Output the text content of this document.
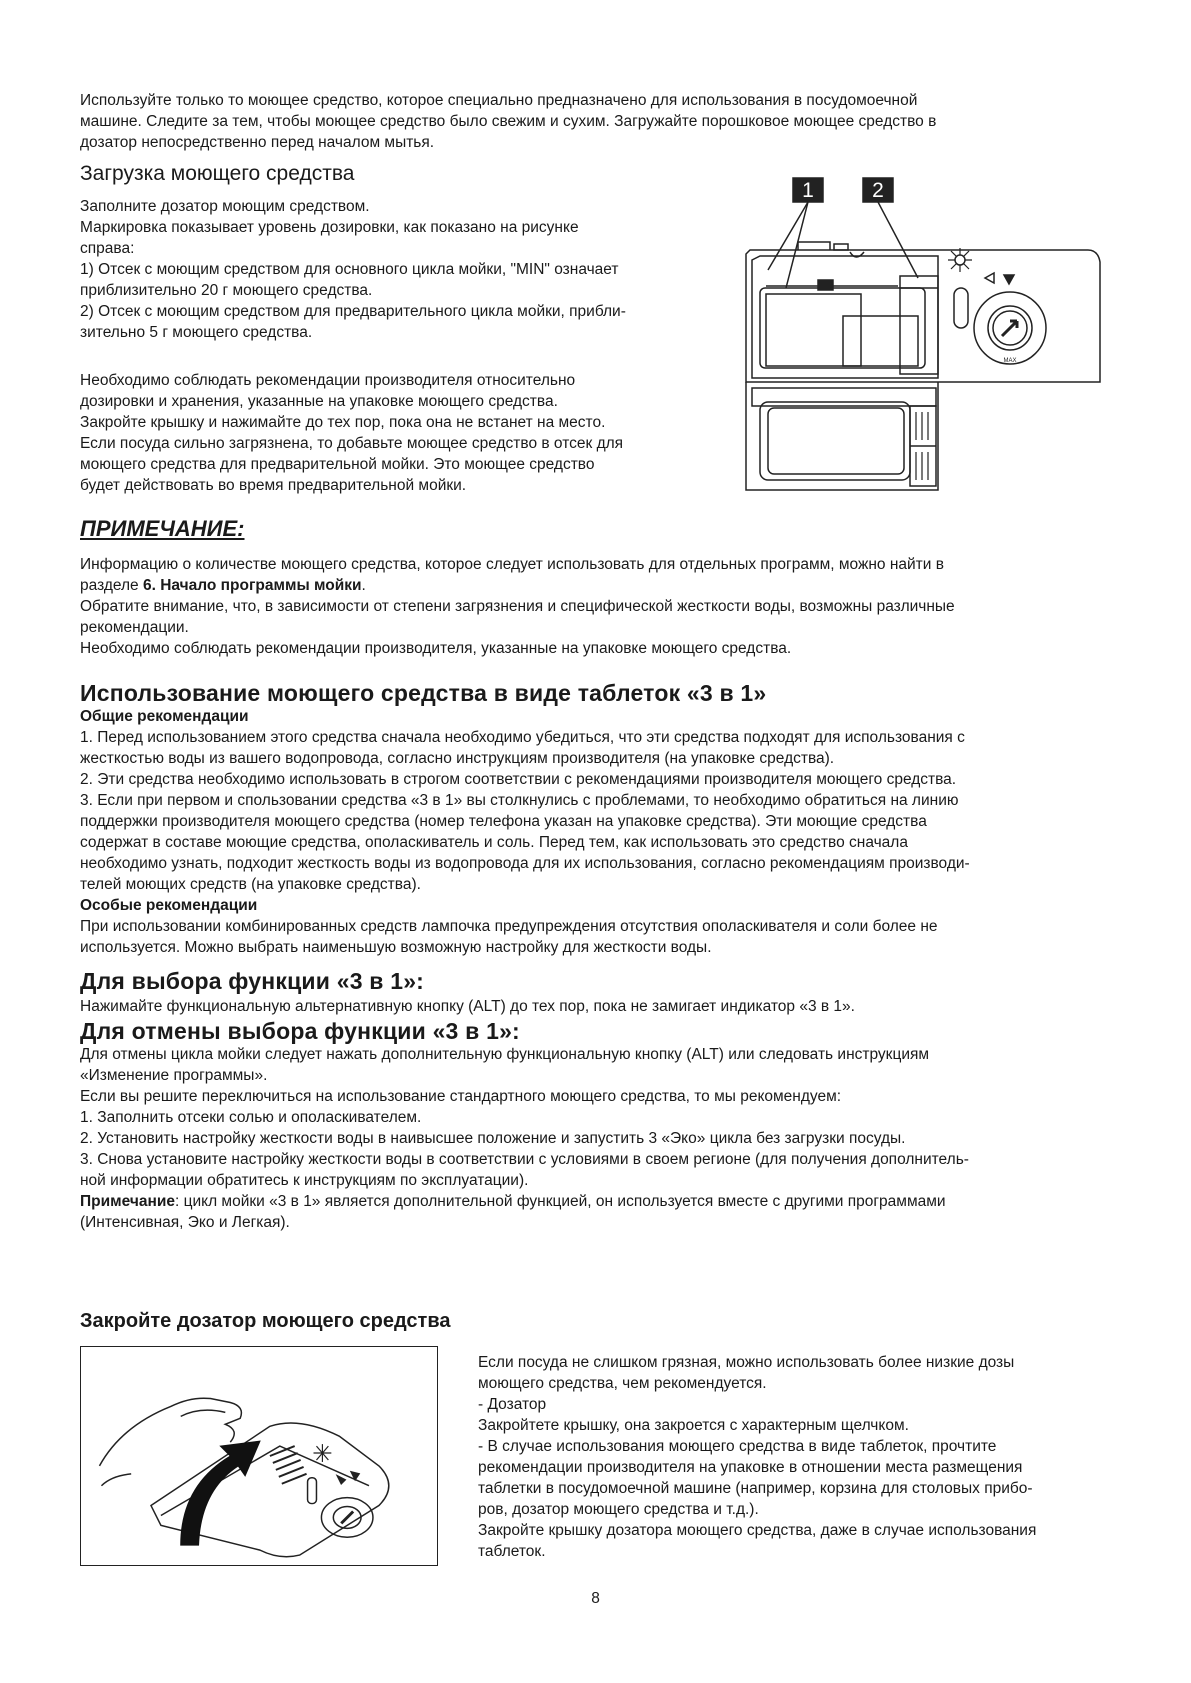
Используйте только то моющее средство, которое специально предназначено для использования в посудомоечной
машине. Следите за тем, чтобы моющее средство было свежим и сухим. Загружайте порошковое моющее средство в
дозатор непосредственно перед началом мытья.
Загрузка моющего средства
Заполните дозатор моющим средством.
Маркировка показывает уровень дозировки, как показано на рисунке
справа:
1) Отсек с моющим средством для основного цикла мойки, "MIN" означает
приблизительно 20 г моющего средства.
2) Отсек с моющим средством для предварительного цикла мойки, прибли-
зительно 5 г моющего средства.
Необходимо соблюдать рекомендации производителя относительно
дозировки и хранения, указанные на упаковке моющего средства.
Закройте крышку и нажимайте до тех пор, пока она не встанет на место.
Если посуда сильно загрязнена, то добавьте моющее средство в отсек для
моющего средства для предварительной мойки. Это моющее средство
будет действовать во время предварительной мойки.
1	2
MAX
ПРИМЕЧАНИЕ:
Информацию о количестве моющего средства, которое следует использовать для отдельных программ, можно найти в
разделе 6. Начало программы мойки.
Обратите внимание, что, в зависимости от степени загрязнения и специфической жесткости воды, возможны различные
рекомендации.
Необходимо соблюдать рекомендации производителя, указанные на упаковке моющего средства.
Использование моющего средства в виде таблеток «3 в 1»
Общие рекомендации
1. Перед использованием этого средства сначала необходимо убедиться, что эти средства подходят для использования с
жесткостью воды из вашего водопровода, согласно инструкциям производителя (на упаковке средства).
2. Эти средства необходимо использовать в строгом соответствии с рекомендациями производителя моющего средства.
3. Если при первом и спользовании средства «3 в 1» вы столкнулись с проблемами, то необходимо обратиться на линию
поддержки производителя моющего средства (номер телефона указан на упаковке средства). Эти моющие средства
содержат в составе моющие средства, ополаскиватель и соль. Перед тем, как использовать это средство сначала
необходимо узнать, подходит жесткость воды из водопровода для их использования, согласно рекомендациям производи-
телей моющих средств (на упаковке средства).
Особые рекомендации
При использовании комбинированных средств лампочка предупреждения отсутствия ополаскивателя и соли более не
используется. Можно выбрать наименьшую возможную настройку для жесткости воды.
Для выбора функции «3 в 1»:
Нажимайте функциональную альтернативную кнопку (ALT) до тех пор, пока не замигает индикатор «3 в 1».
Для отмены выбора функции «3 в 1»:
Для отмены цикла мойки следует нажать дополнительную функциональную кнопку (ALT) или следовать инструкциям
«Изменение программы».
Если вы решите переключиться на использование стандартного моющего средства, то мы рекомендуем:
1. Заполнить отсеки солью и ополаскивателем.
2. Установить настройку жесткости воды в наивысшее положение и запустить 3 «Эко» цикла без загрузки посуды.
3. Снова установите настройку жесткости воды в соответствии с условиями в своем регионе (для получения дополнитель-
ной информации обратитесь к инструкциям по эксплуатации).
Примечание: цикл мойки «3 в 1» является дополнительной функцией, он используется вместе с другими программами
(Интенсивная, Эко и Легкая).
Закройте дозатор моющего средства
Если посуда не слишком грязная, можно использовать более низкие дозы
моющего средства, чем рекомендуется.
- Дозатор
Закройтете крышку, она закроется с характерным щелчком.
- В случае использования моющего средства в виде таблеток, прочтите
рекомендации производителя на упаковке в отношении места размещения
таблетки в посудомоечной машине (например, корзина для столовых прибо-
ров, дозатор моющего средства и т.д.).
Закройте крышку дозатора моющего средства, даже в случае использования
таблеток.
8
